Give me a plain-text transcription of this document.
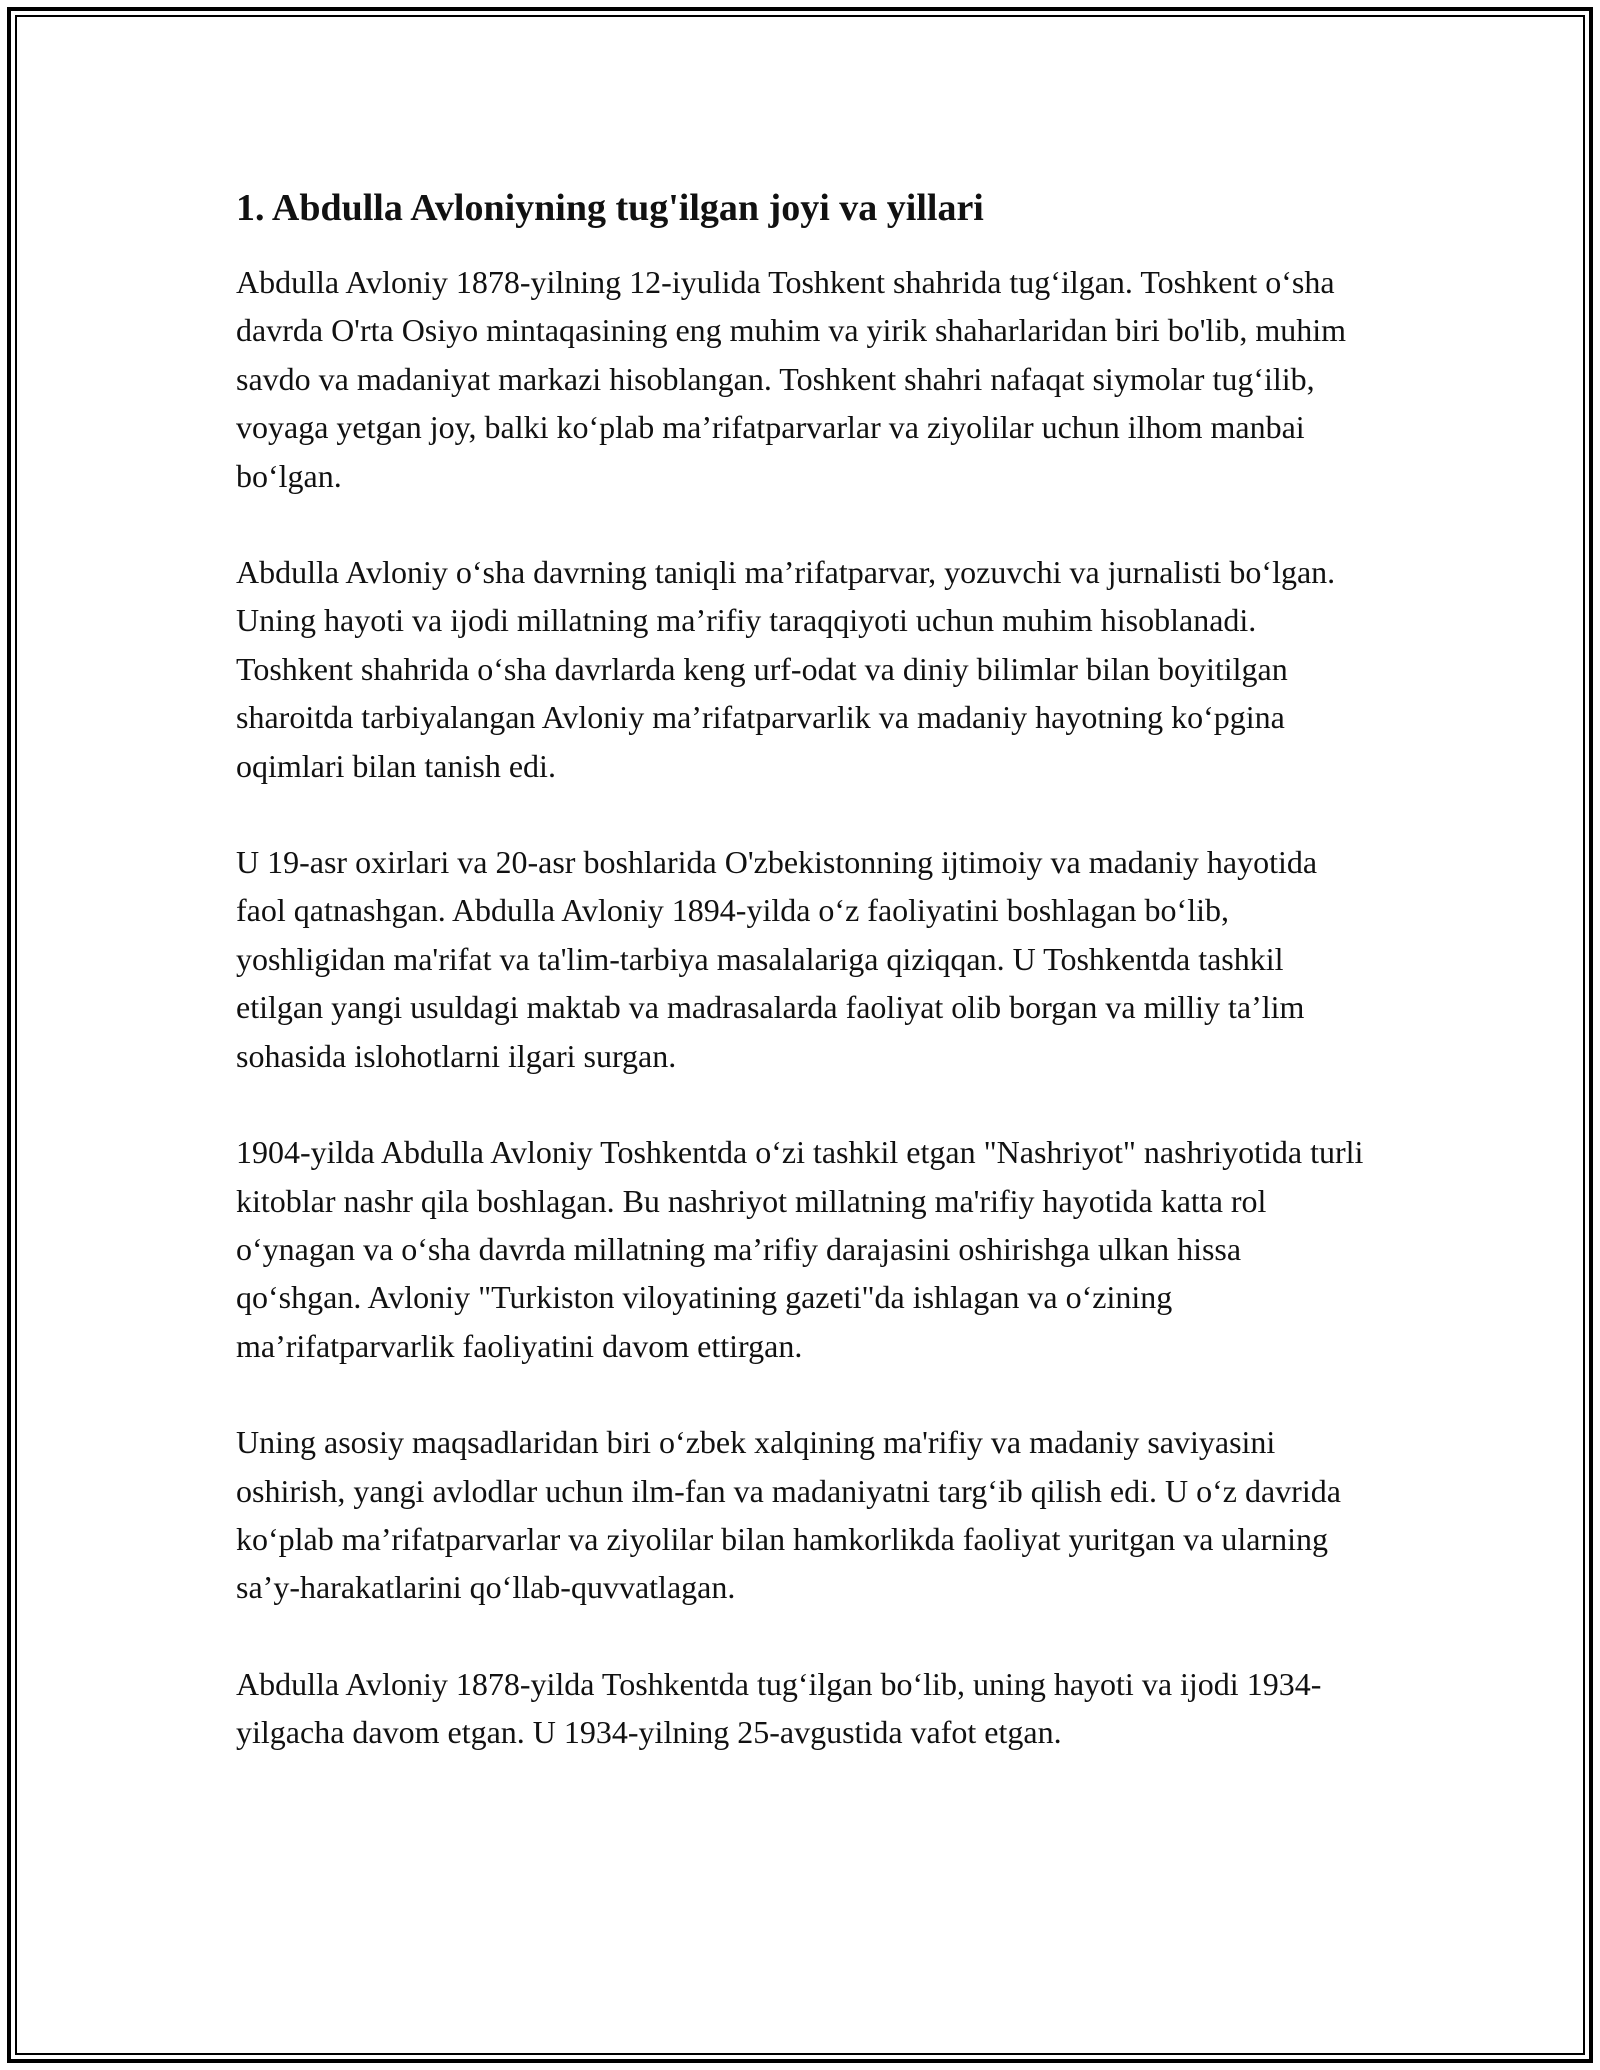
1. Abdulla Avloniyning tug'ilgan joyi va yillari

Abdulla Avloniy 1878-yilning 12-iyulida Toshkent shahrida tug‘ilgan. Toshkent o‘sha davrda O'rta Osiyo mintaqasining eng muhim va yirik shaharlaridan biri bo'lib, muhim savdo va madaniyat markazi hisoblangan. Toshkent shahri nafaqat siymolar tug‘ilib, voyaga yetgan joy, balki ko‘plab ma’rifatparvarlar va ziyolilar uchun ilhom manbai bo‘lgan.

Abdulla Avloniy o‘sha davrning taniqli ma’rifatparvar, yozuvchi va jurnalisti bo‘lgan. Uning hayoti va ijodi millatning ma’rifiy taraqqiyoti uchun muhim hisoblanadi. Toshkent shahrida o‘sha davrlarda keng urf-odat va diniy bilimlar bilan boyitilgan sharoitda tarbiyalangan Avloniy ma’rifatparvarlik va madaniy hayotning ko‘pgina oqimlari bilan tanish edi.

U 19-asr oxirlari va 20-asr boshlarida O'zbekistonning ijtimoiy va madaniy hayotida faol qatnashgan. Abdulla Avloniy 1894-yilda o‘z faoliyatini boshlagan bo‘lib, yoshligidan ma'rifat va ta'lim-tarbiya masalalariga qiziqqan. U Toshkentda tashkil etilgan yangi usuldagi maktab va madrasalarda faoliyat olib borgan va milliy ta’lim sohasida islohotlarni ilgari surgan.

1904-yilda Abdulla Avloniy Toshkentda o‘zi tashkil etgan "Nashriyot" nashriyotida turli kitoblar nashr qila boshlagan. Bu nashriyot millatning ma'rifiy hayotida katta rol o‘ynagan va o‘sha davrda millatning ma’rifiy darajasini oshirishga ulkan hissa qo‘shgan. Avloniy "Turkiston viloyatining gazeti"da ishlagan va o‘zining ma’rifatparvarlik faoliyatini davom ettirgan.

Uning asosiy maqsadlaridan biri o‘zbek xalqining ma'rifiy va madaniy saviyasini oshirish, yangi avlodlar uchun ilm-fan va madaniyatni targ‘ib qilish edi. U o‘z davrida ko‘plab ma’rifatparvarlar va ziyolilar bilan hamkorlikda faoliyat yuritgan va ularning sa’y-harakatlarini qo‘llab-quvvatlagan.

Abdulla Avloniy 1878-yilda Toshkentda tug‘ilgan bo‘lib, uning hayoti va ijodi 1934-yilgacha davom etgan. U 1934-yilning 25-avgustida vafot etgan.
